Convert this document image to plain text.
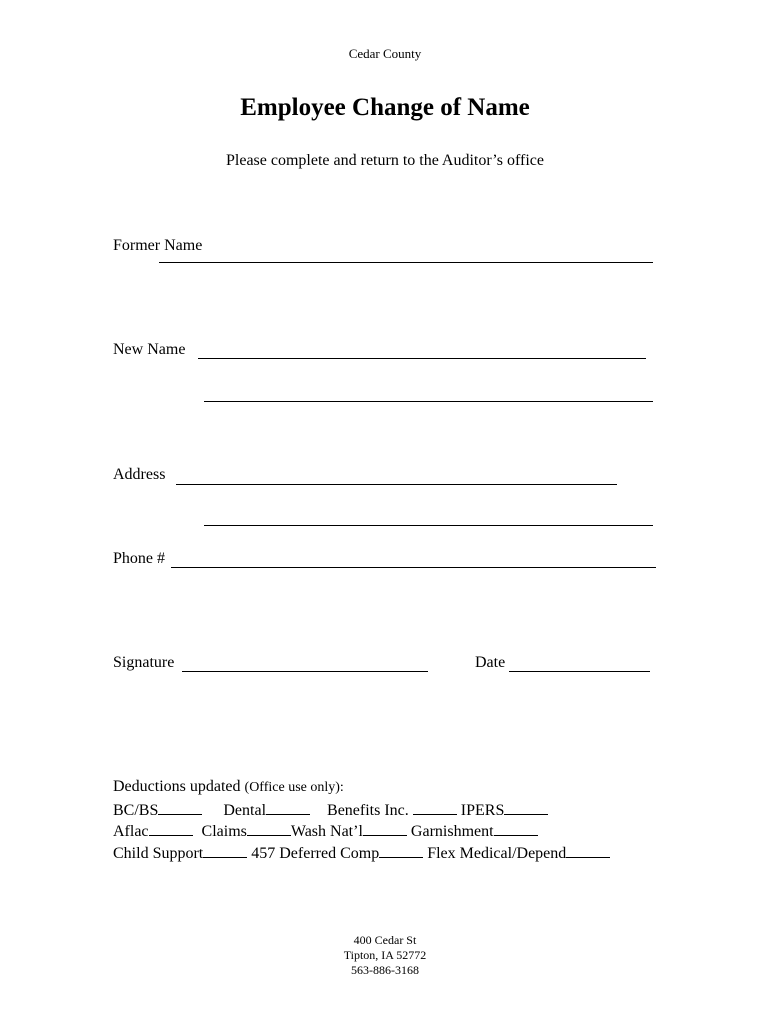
Cedar County
Employee Change of Name
Please complete and return to the Auditor’s office
Former Name
New Name
Address
Phone #
Signature	Date
Deductions updated (Office use only):
BC/BS	Dental	Benefits Inc.	IPERS
Aflac	Claims	Wash Nat’l	Garnishment
Child Support	457 Deferred Comp	Flex Medical/Depend
400 Cedar St
Tipton, IA 52772
563-886-3168
